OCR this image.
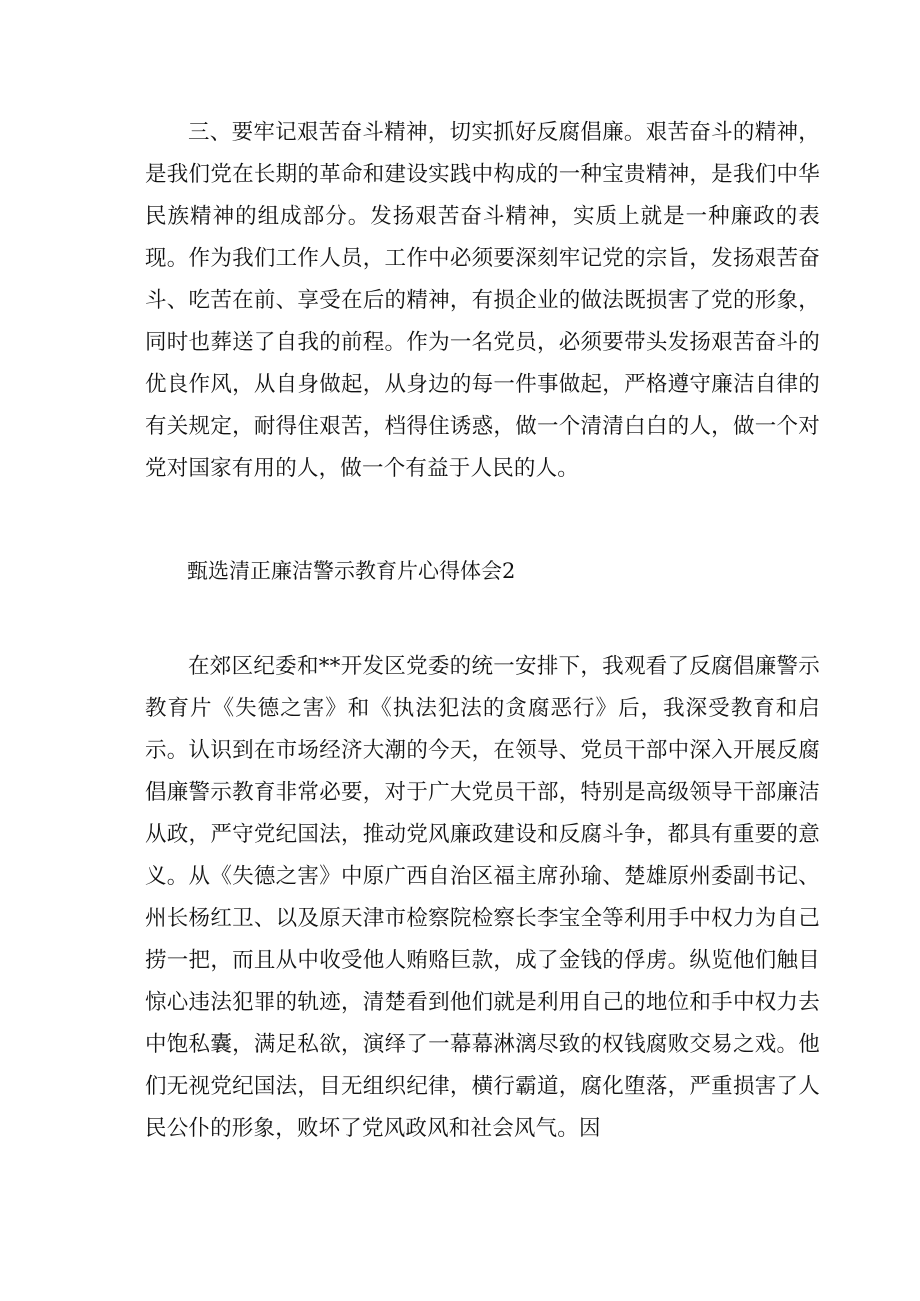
三、要牢记艰苦奋斗精神，切实抓好反腐倡廉。艰苦奋斗的精神，是我们党在长期的革命和建设实践中构成的一种宝贵精神，是我们中华民族精神的组成部分。发扬艰苦奋斗精神，实质上就是一种廉政的表现。作为我们工作人员，工作中必须要深刻牢记党的宗旨，发扬艰苦奋斗、吃苦在前、享受在后的精神，有损企业的做法既损害了党的形象，同时也葬送了自我的前程。作为一名党员，必须要带头发扬艰苦奋斗的优良作风，从自身做起，从身边的每一件事做起，严格遵守廉洁自律的有关规定，耐得住艰苦，档得住诱惑，做一个清清白白的人，做一个对党对国家有用的人，做一个有益于人民的人。

甄选清正廉洁警示教育片心得体会2

在郊区纪委和**开发区党委的统一安排下，我观看了反腐倡廉警示教育片《失德之害》和《执法犯法的贪腐恶行》后，我深受教育和启示。认识到在市场经济大潮的今天，在领导、党员干部中深入开展反腐倡廉警示教育非常必要，对于广大党员干部，特别是高级领导干部廉洁从政，严守党纪国法，推动党风廉政建设和反腐斗争，都具有重要的意义。从《失德之害》中原广西自治区福主席孙瑜、楚雄原州委副书记、州长杨红卫、以及原天津市检察院检察长李宝全等利用手中权力为自己捞一把，而且从中收受他人贿赂巨款，成了金钱的俘虏。纵览他们触目惊心违法犯罪的轨迹，清楚看到他们就是利用自己的地位和手中权力去中饱私囊，满足私欲，演绎了一幕幕淋漓尽致的权钱腐败交易之戏。他们无视党纪国法，目无组织纪律，横行霸道，腐化堕落，严重损害了人民公仆的形象，败坏了党风政风和社会风气。因
